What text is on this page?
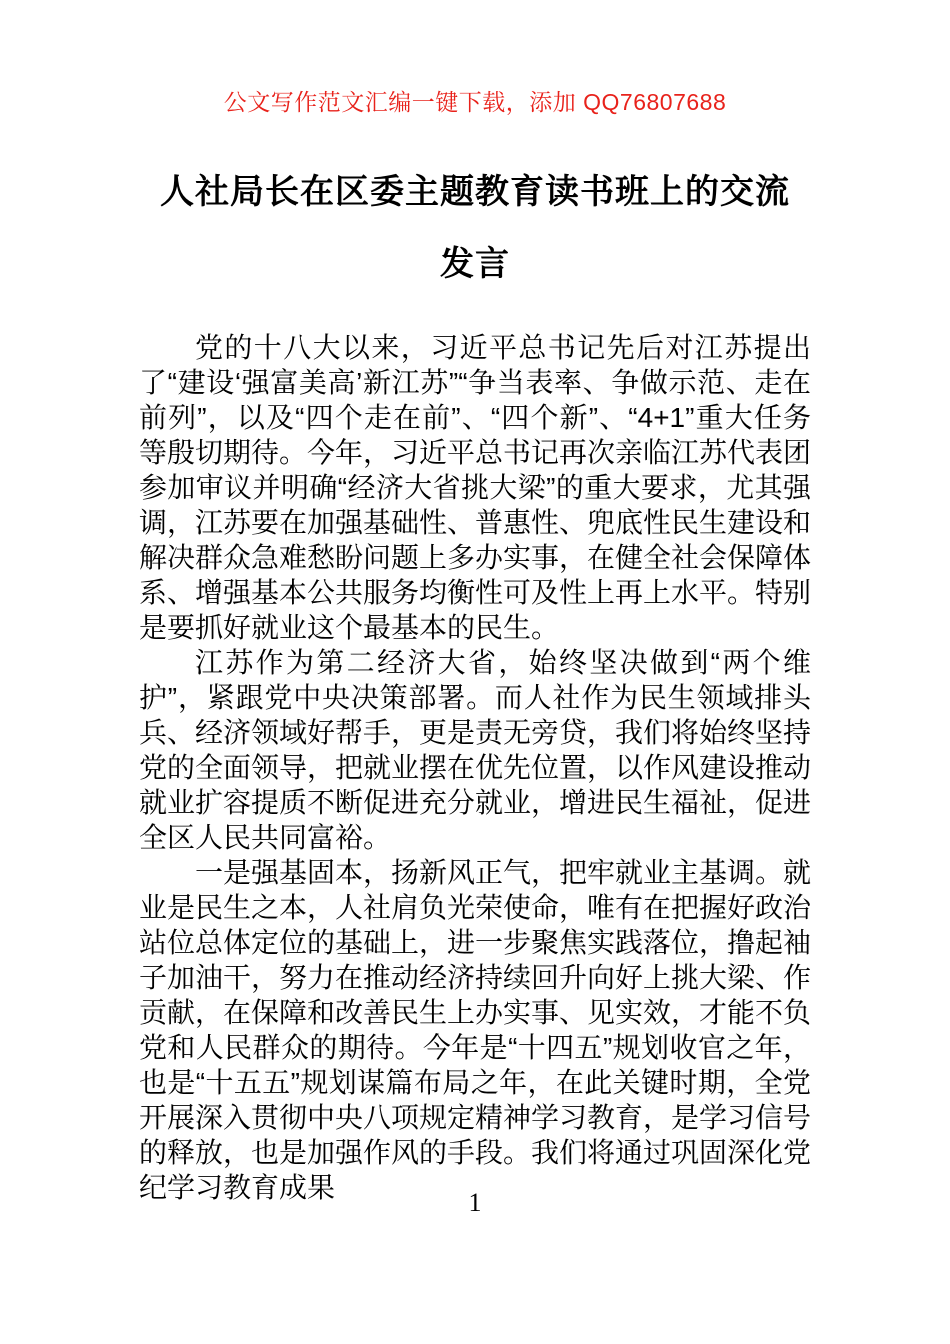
公文写作范文汇编一键下载，添加 QQ76807688
人社局长在区委主题教育读书班上的交流发言

党的十八大以来，习近平总书记先后对江苏提出了“建设‘强富美高’新江苏”“争当表率、争做示范、走在前列”，以及“四个走在前”、“四个新”、“4+1”重大任务等殷切期待。今年，习近平总书记再次亲临江苏代表团参加审议并明确“经济大省挑大梁”的重大要求，尤其强调，江苏要在加强基础性、普惠性、兜底性民生建设和解决群众急难愁盼问题上多办实事，在健全社会保障体系、增强基本公共服务均衡性可及性上再上水平。特别是要抓好就业这个最基本的民生。

江苏作为第二经济大省，始终坚决做到“两个维护”，紧跟党中央决策部署。而人社作为民生领域排头兵、经济领域好帮手，更是责无旁贷，我们将始终坚持党的全面领导，把就业摆在优先位置，以作风建设推动就业扩容提质不断促进充分就业，增进民生福祉，促进全区人民共同富裕。

一是强基固本，扬新风正气，把牢就业主基调。就业是民生之本，人社肩负光荣使命，唯有在把握好政治站位总体定位的基础上，进一步聚焦实践落位，撸起袖子加油干，努力在推动经济持续回升向好上挑大梁、作贡献，在保障和改善民生上办实事、见实效，才能不负党和人民群众的期待。今年是“十四五”规划收官之年，也是“十五五”规划谋篇布局之年，在此关键时期，全党开展深入贯彻中央八项规定精神学习教育，是学习信号的释放，也是加强作风的手段。我们将通过巩固深化党纪学习教育成果	1
